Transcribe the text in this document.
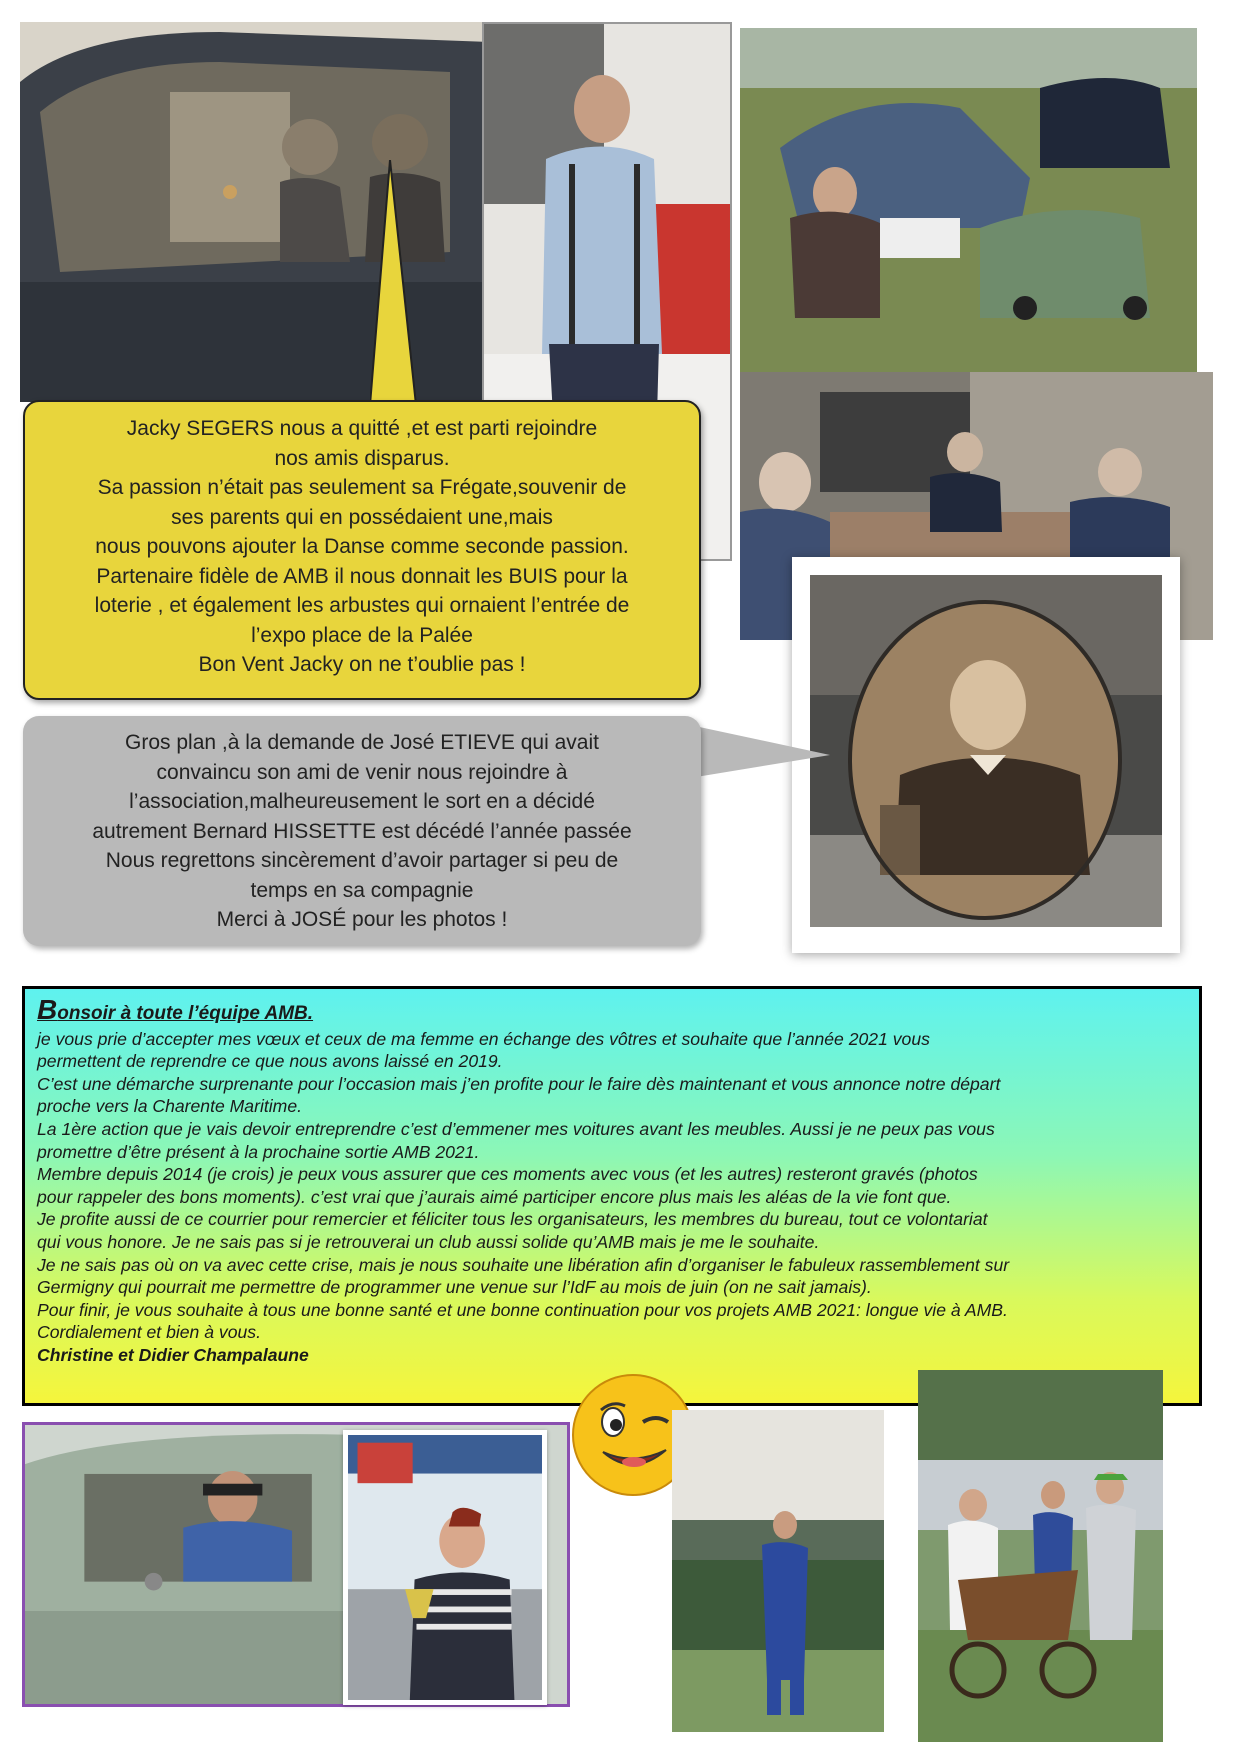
Jacky SEGERS nous a quitté ,et est parti rejoindre

nos amis disparus.

Sa passion n’était pas seulement sa Frégate,souvenir de

ses parents qui en possédaient une,mais

nous pouvons ajouter la Danse comme seconde passion.

Partenaire fidèle de AMB il nous donnait les BUIS pour la

loterie , et également les arbustes qui ornaient l’entrée de

l’expo place de la Palée

Bon Vent Jacky on ne t’oublie pas !

Gros plan ,à la demande de José ETIEVE qui avait

convaincu son ami de venir nous rejoindre à

l’association,malheureusement le sort en a décidé

autrement Bernard HISSETTE est décédé l’année passée

Nous regrettons sincèrement d’avoir partager si peu de

temps en sa compagnie

Merci à JOSÉ pour les photos !

Bonsoir à toute l’équipe AMB.

je vous prie d’accepter mes vœux et ceux de ma femme en échange des vôtres et souhaite que l’année 2021 vous

permettent de reprendre ce que nous avons laissé en 2019.

C’est une démarche surprenante pour l’occasion mais j’en profite pour le faire dès maintenant et vous annonce notre départ

proche vers la Charente Maritime.

La 1ère action que je vais devoir entreprendre c’est d’emmener mes voitures avant les meubles. Aussi je ne peux pas vous

promettre d’être présent à la prochaine sortie AMB 2021.

Membre depuis 2014 (je crois) je peux vous assurer que ces moments avec vous (et les autres) resteront gravés (photos

pour rappeler des bons moments). c’est vrai que j’aurais aimé participer encore plus mais les aléas de la vie font que.

Je profite aussi de ce courrier pour remercier et féliciter tous les organisateurs, les membres du bureau, tout ce volontariat

qui vous honore. Je ne sais pas si je retrouverai un club aussi solide qu’AMB mais je me le souhaite.

Je ne sais pas où on va avec cette crise, mais je nous souhaite une libération afin d’organiser le fabuleux rassemblement sur

Germigny qui pourrait me permettre de programmer une venue sur l’IdF au mois de juin (on ne sait jamais).

Pour finir, je vous souhaite à tous une bonne santé et une bonne continuation pour vos projets AMB 2021: longue vie à AMB.

Cordialement et bien à vous.

Christine et Didier Champalaune
